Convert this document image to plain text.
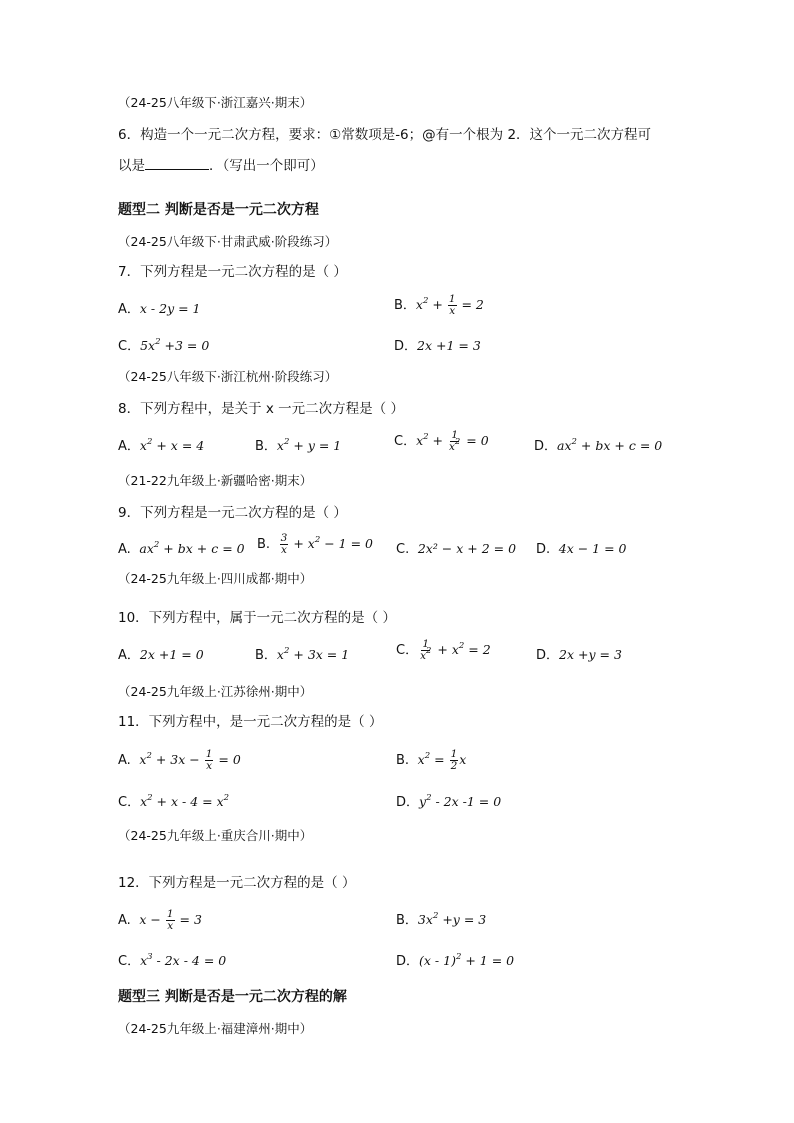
（24-25八年级下·浙江嘉兴·期末）
6．构造一个一元二次方程，要求：①常数项是-6；@有一个根为 2．这个一元二次方程可
以是	．（写出一个即可）
题型二 判断是否是一元二次方程
（24-25八年级下·甘肃武威·阶段练习）
7．下列方程是一元二次方程的是（ ）
A．x - 2y = 1	B．$x^2 + \frac{1}{x} = 2$
C．$5x^2 +3 = 0$	D．2x +1 = 3
（24-25八年级下·浙江杭州·阶段练习）
8．下列方程中，是关于 x 一元二次方程是（ ）
A．$x^2 + x = 4$	B．$x^2 + y = 1$	C．$x^2 + \frac{1}{x^2} = 0$	D．$ax^2$ + bx + c = 0
（21-22九年级上·新疆哈密·期末）
9．下列方程是一元二次方程的是（ ）
A. $ax^2$ + bx + c = 0 B. $\frac{3}{x} + x^2 - 1 = 0$ C. 2x² − x + 2 = 0 D. 4x − 1 = 0
（24-25九年级上·四川成都·期中）
10．下列方程中，属于一元二次方程的是（ ）
A．2x +1 = 0	B．$x^2 + 3x = 1$	C． $\frac{1}{x^2} + x^2 = 2$	D．2x +y = 3
（24-25九年级上·江苏徐州·期中）
11．下列方程中，是一元二次方程的是（ ）
A. $x^2 + 3x - \frac{1}{x} = 0$	B. $x^2 = \frac{1}{2}$ x
C．$x^2 + x - 4 = x^2$	D．$y^2 - 2x$ -1 = 0
（24-25九年级上·重庆合川·期中）
12．下列方程是一元二次方程的是（ ）
A. $x - \frac{1}{x} = 3$	B．$3x^2 +y = 3$
C．$x^3 - 2x - 4 = 0$	D．(x - 1)$^2$ + 1 = 0
题型三 判断是否是一元二次方程的解
（24-25九年级上·福建漳州·期中）
